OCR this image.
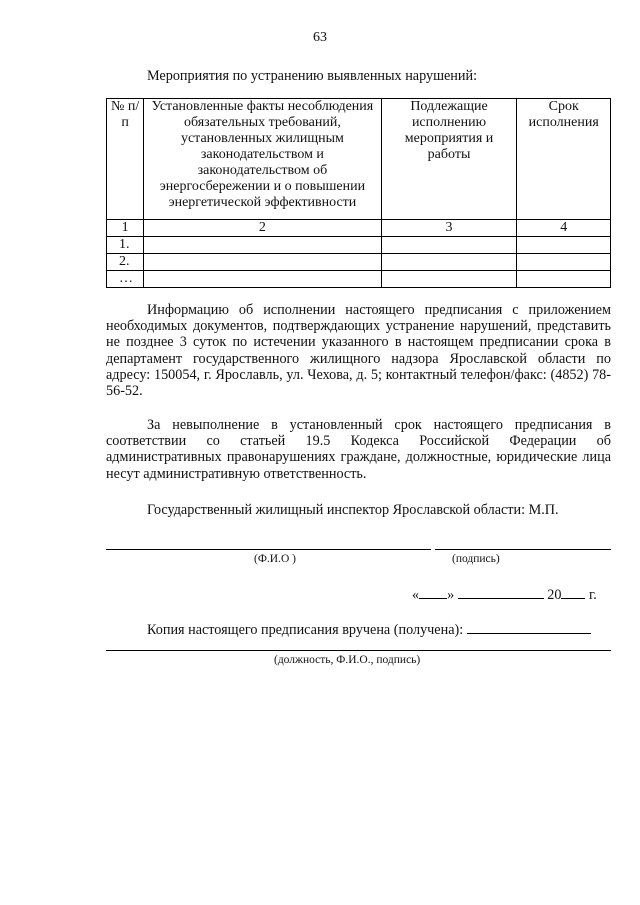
63
Мероприятия по устранению выявленных нарушений:
№ п/п	Установленные факты несоблюдения обязательных требований, установленных жилищным законодательством и законодательством об энергосбережении и о повышении энергетической эффективности	Подлежащие исполнению мероприятия и работы	Срок исполнения
1	2	3	4
1.			
2.			
…			
Информацию об исполнении настоящего предписания с приложением необходимых документов, подтверждающих устранение нарушений, представить не позднее 3 суток по истечении указанного в настоящем предписании срока в департамент государственного жилищного надзора Ярославской области по адресу: 150054, г. Ярославль, ул. Чехова, д. 5; контактный телефон/факс: (4852) 78-56-52.
За невыполнение в установленный срок настоящего предписания в соответствии со статьей 19.5 Кодекса Российской Федерации об административных правонарушениях граждане, должностные, юридические лица несут административную ответственность.
Государственный жилищный инспектор Ярославской области: М.П.
(Ф.И.О )	(подпись)
« »	20 г.
Копия настоящего предписания вручена (получена):
(должность, Ф.И.О., подпись)
